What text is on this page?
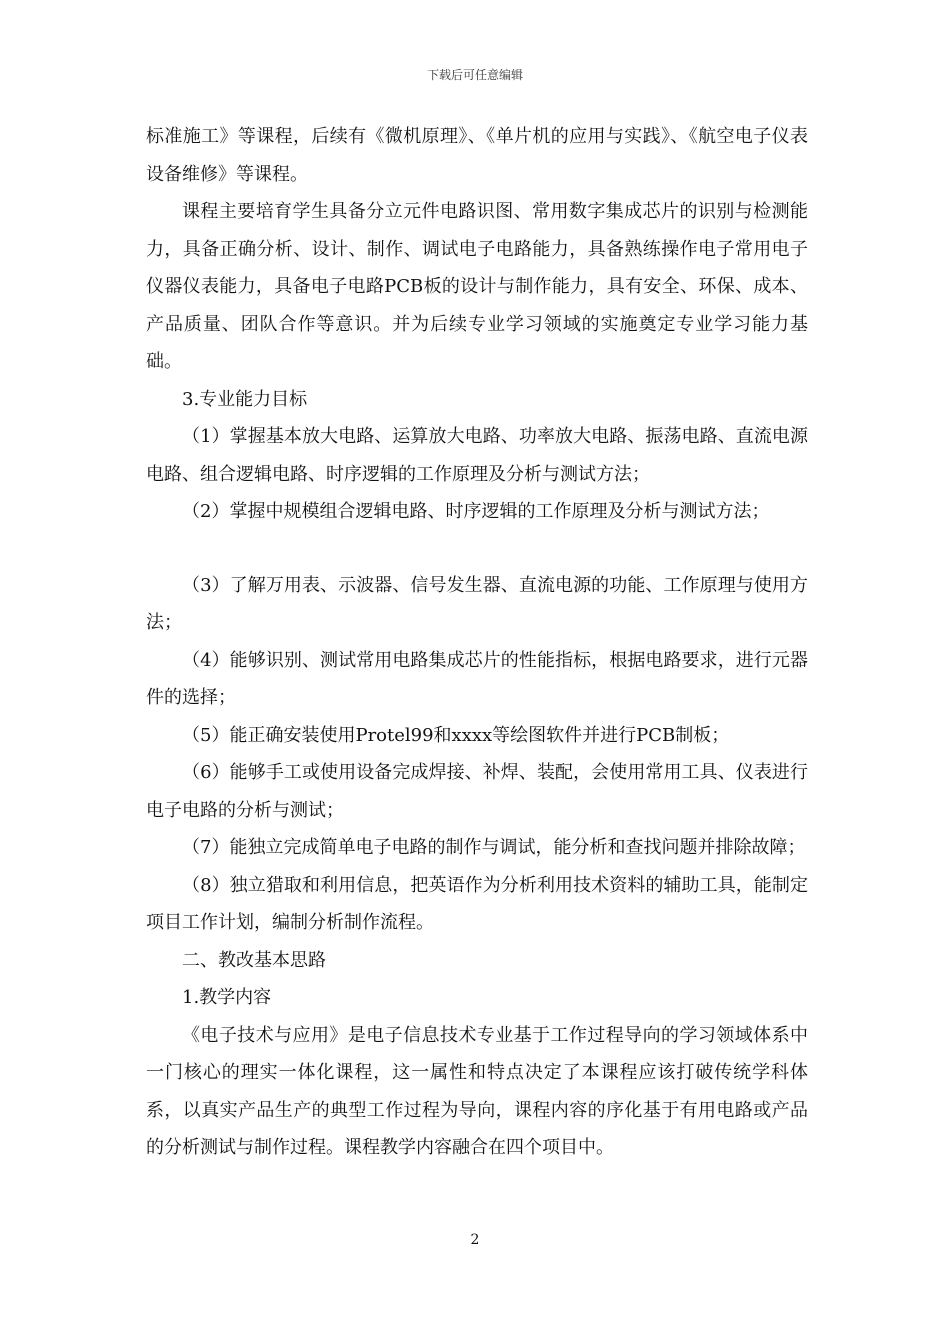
下载后可任意编辑

标准施工》等课程，后续有《微机原理》、《单片机的应用与实践》、《航空电子仪表设备维修》等课程。

课程主要培育学生具备分立元件电路识图、常用数字集成芯片的识别与检测能力，具备正确分析、设计、制作、调试电子电路能力，具备熟练操作电子常用电子仪器仪表能力，具备电子电路PCB板的设计与制作能力，具有安全、环保、成本、产品质量、团队合作等意识。并为后续专业学习领域的实施奠定专业学习能力基础。

3.专业能力目标

（1）掌握基本放大电路、运算放大电路、功率放大电路、振荡电路、直流电源电路、组合逻辑电路、时序逻辑的工作原理及分析与测试方法；

（2）掌握中规模组合逻辑电路、时序逻辑的工作原理及分析与测试方法；

（3）了解万用表、示波器、信号发生器、直流电源的功能、工作原理与使用方法；

（4）能够识别、测试常用电路集成芯片的性能指标，根据电路要求，进行元器件的选择；

（5）能正确安装使用Protel99和xxxx等绘图软件并进行PCB制板；

（6）能够手工或使用设备完成焊接、补焊、装配，会使用常用工具、仪表进行电子电路的分析与测试；

（7）能独立完成简单电子电路的制作与调试，能分析和查找问题并排除故障；

（8）独立猎取和利用信息，把英语作为分析利用技术资料的辅助工具，能制定项目工作计划，编制分析制作流程。

二、教改基本思路

1.教学内容

《电子技术与应用》是电子信息技术专业基于工作过程导向的学习领域体系中一门核心的理实一体化课程，这一属性和特点决定了本课程应该打破传统学科体系，以真实产品生产的典型工作过程为导向，课程内容的序化基于有用电路或产品的分析测试与制作过程。课程教学内容融合在四个项目中。

2
